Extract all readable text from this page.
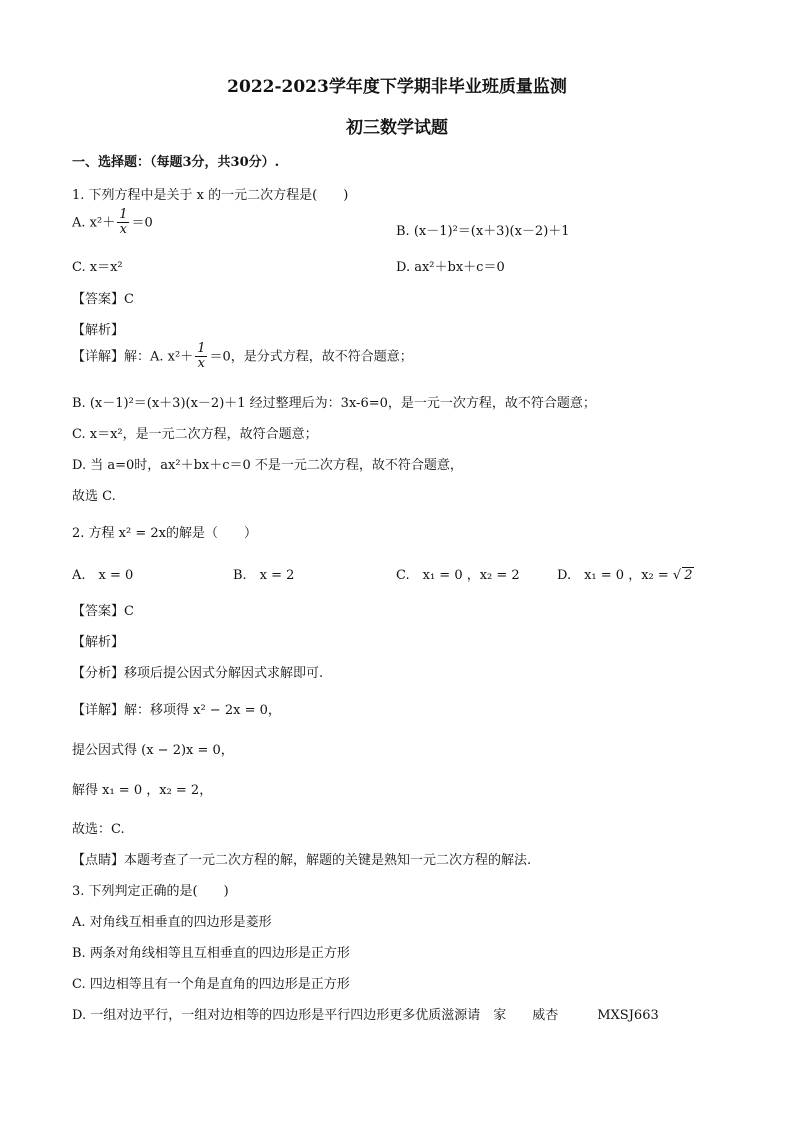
2022-2023学年度下学期非毕业班质量监测
初三数学试题
一、选择题：（每题3分，共30分）.
1. 下列方程中是关于 x 的一元二次方程是(　　)
A. $x^2+ \frac{1}{x} =0$
B. (x－1)²＝(x＋3)(x－2)＋1
C. x＝x²	D. ax²＋bx＋c＝0
【答案】C
【解析】
【详解】解：A. $x^2+ \frac{1}{x} =0$，是分式方程，故不符合题意；
B. (x－1)²＝(x＋3)(x－2)＋1 经过整理后为：3x-6=0，是一元一次方程，故不符合题意；
C. x＝x²，是一元二次方程，故符合题意；
D. 当 a=0时，ax²＋bx＋c＝0 不是一元二次方程，故不符合题意，
故选 C.
2. 方程 x² = 2x的解是（　　）
A.　x = 0	B.　x = 2	C.　x₁ = 0 ，x₂ = 2	D.　x₁ = 0 ，x₂ = √ 2
【答案】C
【解析】
【分析】移项后提公因式分解因式求解即可.
【详解】解：移项得 x² − 2x = 0，
提公因式得 (x − 2)x = 0，
解得 x₁ = 0 ，x₂ = 2，
故选：C.
【点睛】本题考查了一元二次方程的解，解题的关键是熟知一元二次方程的解法.
3. 下列判定正确的是(　　)
A. 对角线互相垂直的四边形是菱形
B. 两条对角线相等且互相垂直的四边形是正方形
C. 四边相等且有一个角是直角的四边形是正方形
D. 一组对边平行，一组对边相等的四边形是平行四边形更多优质滋源请　家　　威杏　　　MXSJ663
